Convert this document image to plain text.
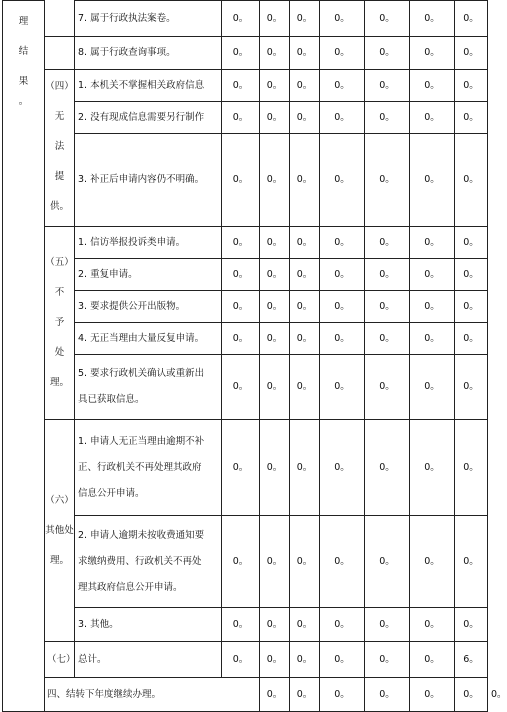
理
结
果
。		7. 属于行政执法案卷。	0。	0。	0。	0。	0。	0。	0。	
		8. 属于行政查询事项。	0。	0。	0。	0。	0。	0。	0。	

	（四）
无
法
提
供。	1. 本机关不掌握相关政府信息	0。	0。	0。	0。	0。	0。	0。	
		2. 没有现成信息需要另行制作	0。	0。	0。	0。	0。	0。	0。	
		3. 补正后申请内容仍不明确。	0。	0。	0。	0。	0。	0。	0。	

	（五）
不
予
处
理。	1. 信访举报投诉类申请。	0。	0。	0。	0。	0。	0。	0。	
		2. 重复申请。	0。	0。	0。	0。	0。	0。	0。	
		3. 要求提供公开出版物。	0。	0。	0。	0。	0。	0。	0。	
		4. 无正当理由大量反复申请。	0。	0。	0。	0。	0。	0。	0。	

		5. 要求行政机关确认或重新出
具已获取信息。	0。	0。	0。	0。	0。	0。	0。	

	（六）
其他处
理。	1. 申请人无正当理由逾期不补
正、行政机关不再处理其政府
信息公开申请。	0。	0。	0。	0。	0。	0。	0。	

		2. 申请人逾期未按收费通知要
求缴纳费用、行政机关不再处
理其政府信息公开申请。	0。	0。	0。	0。	0。	0。	0。	
		3. 其他。	0。	0。	0。	0。	0。	0。	0。	
	（七）	总计。	0。	0。	0。	0。	0。	0。	6。	
	四、结转下年度继续办理。			0。	0。	0。	0。	0。	0。	0。
